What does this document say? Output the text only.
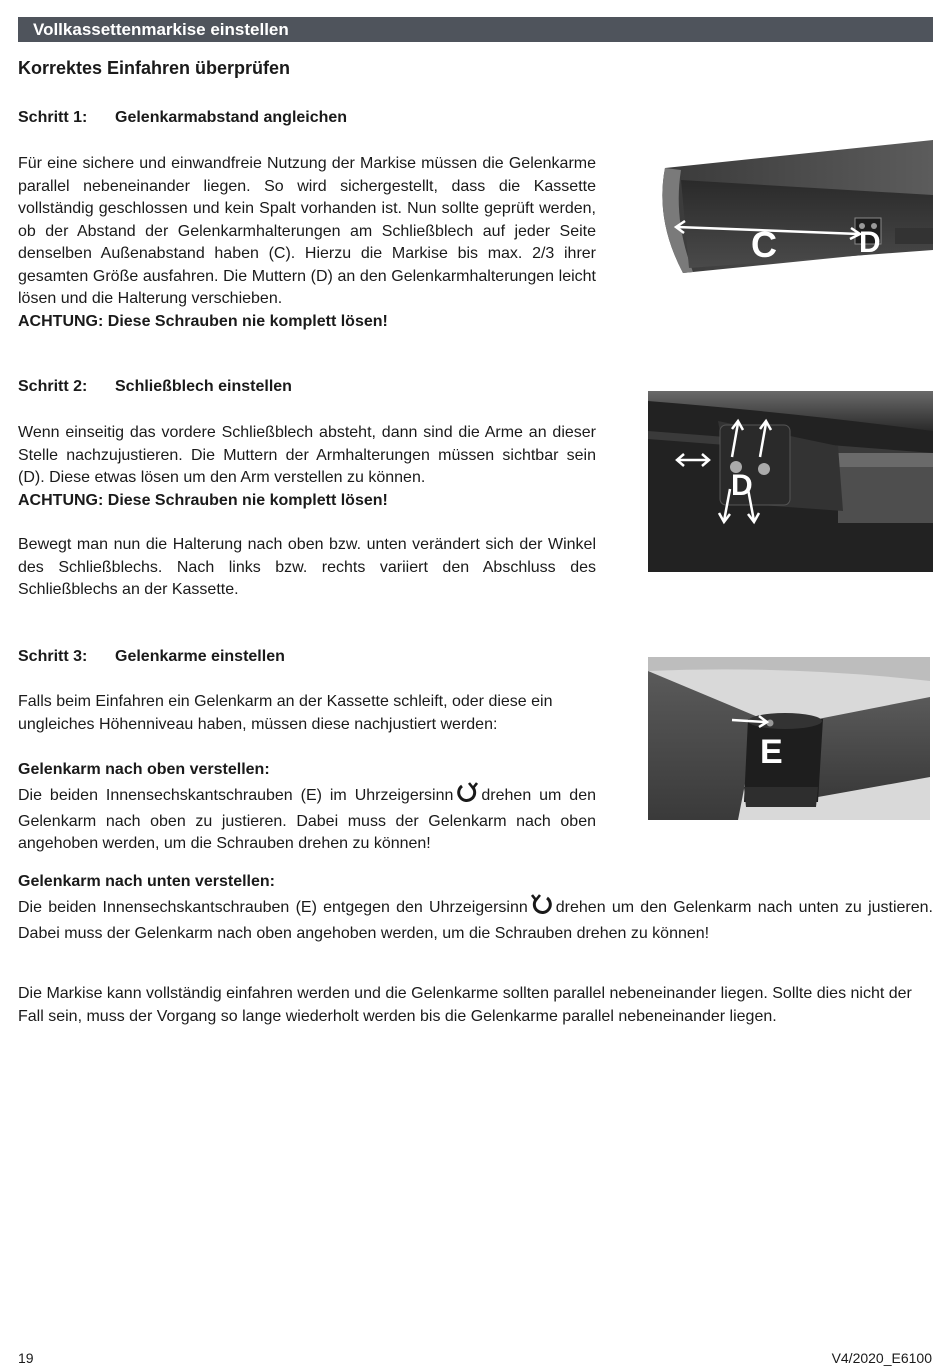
Vollkassettenmarkise einstellen
Korrektes Einfahren überprüfen
Schritt 1: Gelenkarmabstand angleichen
Für eine sichere und einwandfreie Nutzung der Markise müssen die Gelenkarme parallel nebeneinander liegen. So wird sichergestellt, dass die Kassette vollständig geschlossen und kein Spalt vorhanden ist. Nun sollte geprüft werden, ob der Abstand der Gelenkarmhalterungen am Schließblech auf jeder Seite denselben Außenabstand haben (C). Hierzu die Markise bis max. 2/3 ihrer gesamten Größe ausfahren. Die Muttern (D) an den Gelenkarmhalterungen leicht lösen und die Halterung verschieben.
ACHTUNG: Diese Schrauben nie komplett lösen!
C	D
Schritt 2: Schließblech einstellen
Wenn einseitig das vordere Schließblech absteht, dann sind die Arme an dieser Stelle nachzujustieren. Die Muttern der Armhalterungen müssen sichtbar sein (D). Diese etwas lösen um den Arm verstellen zu können.
ACHTUNG: Diese Schrauben nie komplett lösen!
Bewegt man nun die Halterung nach oben bzw. unten verändert sich der Winkel des Schließblechs. Nach links bzw. rechts variiert den Abschluss des Schließblechs an der Kassette.
D
Schritt 3: Gelenkarme einstellen
Falls beim Einfahren ein Gelenkarm an der Kassette schleift, oder diese ein ungleiches Höhenniveau haben, müssen diese nachjustiert werden:
Gelenkarm nach oben verstellen:
Die beiden Innensechskantschrauben (E) im Uhrzeigersinn drehen um den Gelenkarm nach oben zu justieren. Dabei muss der Gelenkarm nach oben angehoben werden, um die Schrauben drehen zu können!
Gelenkarm nach unten verstellen:
Die beiden Innensechskantschrauben (E) entgegen den Uhrzeigersinn drehen um den Gelenkarm nach unten zu justieren. Dabei muss der Gelenkarm nach oben angehoben werden, um die Schrauben drehen zu können!
E
Die Markise kann vollständig einfahren werden und die Gelenkarme sollten parallel nebeneinander liegen. Sollte dies nicht der Fall sein, muss der Vorgang so lange wiederholt werden bis die Gelenkarme parallel nebeneinander liegen.
19	V4/2020_E6100
